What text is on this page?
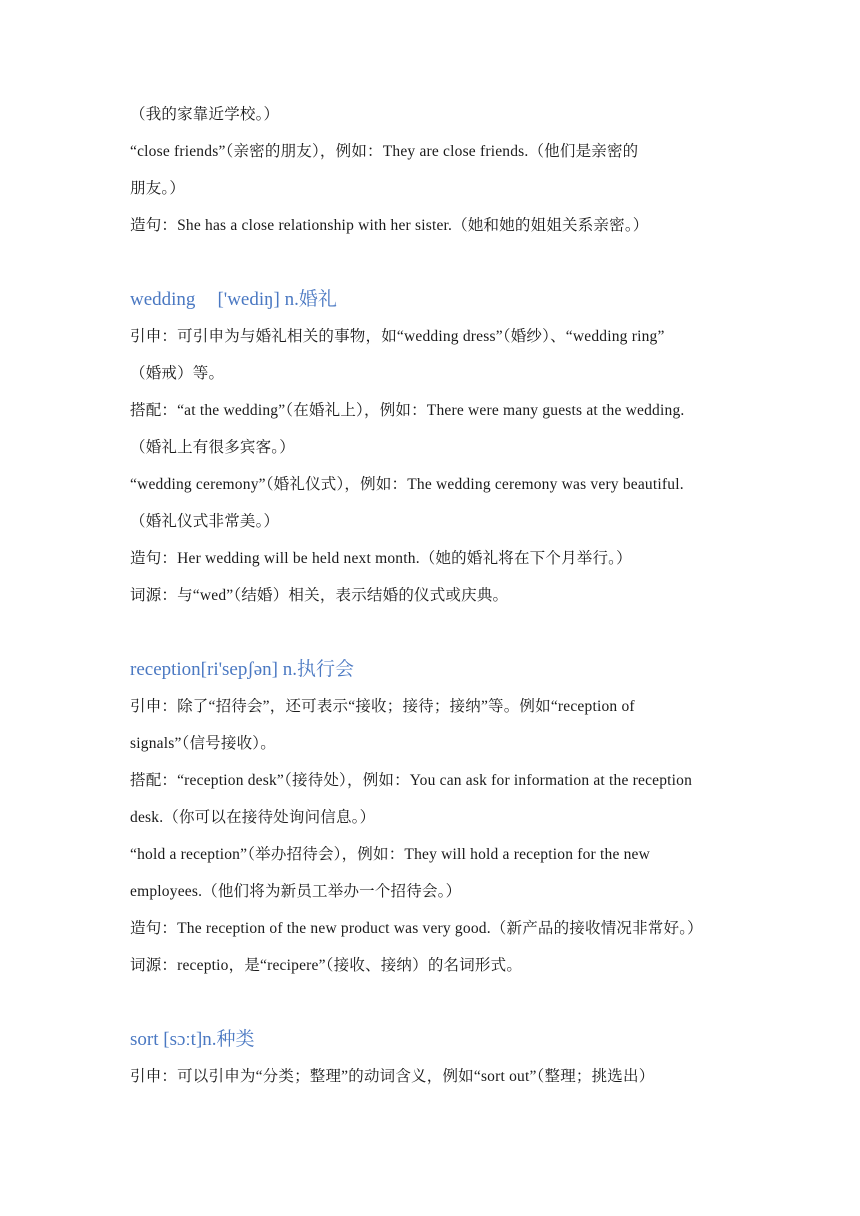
（我的家靠近学校。）
“close friends”（亲密的朋友），例如：They are close friends.（他们是亲密的
朋友。）
造句：She has a close relationship with her sister.（她和她的姐姐关系亲密。）
wedding ['wediŋ] n.婚礼
引申：可引申为与婚礼相关的事物，如“wedding dress”（婚纱）、“wedding ring”
（婚戒）等。
搭配：“at the wedding”（在婚礼上），例如：There were many guests at the wedding.
（婚礼上有很多宾客。）
“wedding ceremony”（婚礼仪式），例如：The wedding ceremony was very beautiful.
（婚礼仪式非常美。）
造句：Her wedding will be held next month.（她的婚礼将在下个月举行。）
词源：与“wed”（结婚）相关，表示结婚的仪式或庆典。
reception[ri'sepʃən] n.执行会
引申：除了“招待会”，还可表示“接收；接待；接纳”等。例如“reception of
signals”（信号接收）。
搭配：“reception desk”（接待处），例如：You can ask for information at the reception
desk.（你可以在接待处询问信息。）
“hold a reception”（举办招待会），例如：They will hold a reception for the new
employees.（他们将为新员工举办一个招待会。）
造句：The reception of the new product was very good.（新产品的接收情况非常好。）
词源：receptio，是“recipere”（接收、接纳）的名词形式。
sort [sɔːt]n.种类
引申：可以引申为“分类；整理”的动词含义，例如“sort out”（整理；挑选出）
